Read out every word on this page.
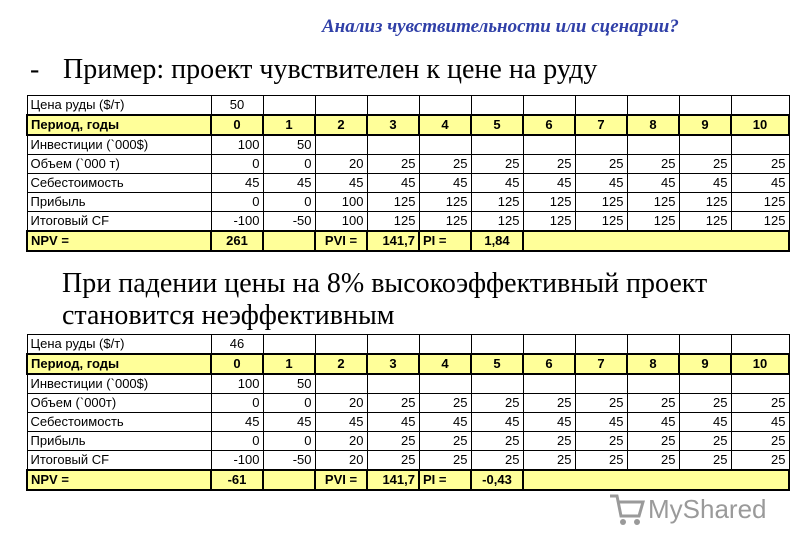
Анализ чувствительности или сценарии?
- Пример: проект чувствителен к цене на руду
Цена руды ($/т)	50										
Период, годы	0	1	2	3	4	5	6	7	8	9	10
Инвестиции (`000$)	100	50									
Объем (`000 т)	0	0	20	25	25	25	25	25	25	25	25
Себестоимость	45	45	45	45	45	45	45	45	45	45	45
Прибыль	0	0	100	125	125	125	125	125	125	125	125
Итоговый CF	-100	-50	100	125	125	125	125	125	125	125	125
NPV =	261		PVI =	141,7	PI =	1,84					
При падении цены на 8% высокоэффективный проект становится неэффективным
Цена руды ($/т)	46										
Период, годы	0	1	2	3	4	5	6	7	8	9	10
Инвестиции (`000$)	100	50									
Объем (`000т)	0	0	20	25	25	25	25	25	25	25	25
Себестоимость	45	45	45	45	45	45	45	45	45	45	45
Прибыль	0	0	20	25	25	25	25	25	25	25	25
Итоговый CF	-100	-50	20	25	25	25	25	25	25	25	25
NPV =	-61		PVI =	141,7	PI =	-0,43					
MyShared
